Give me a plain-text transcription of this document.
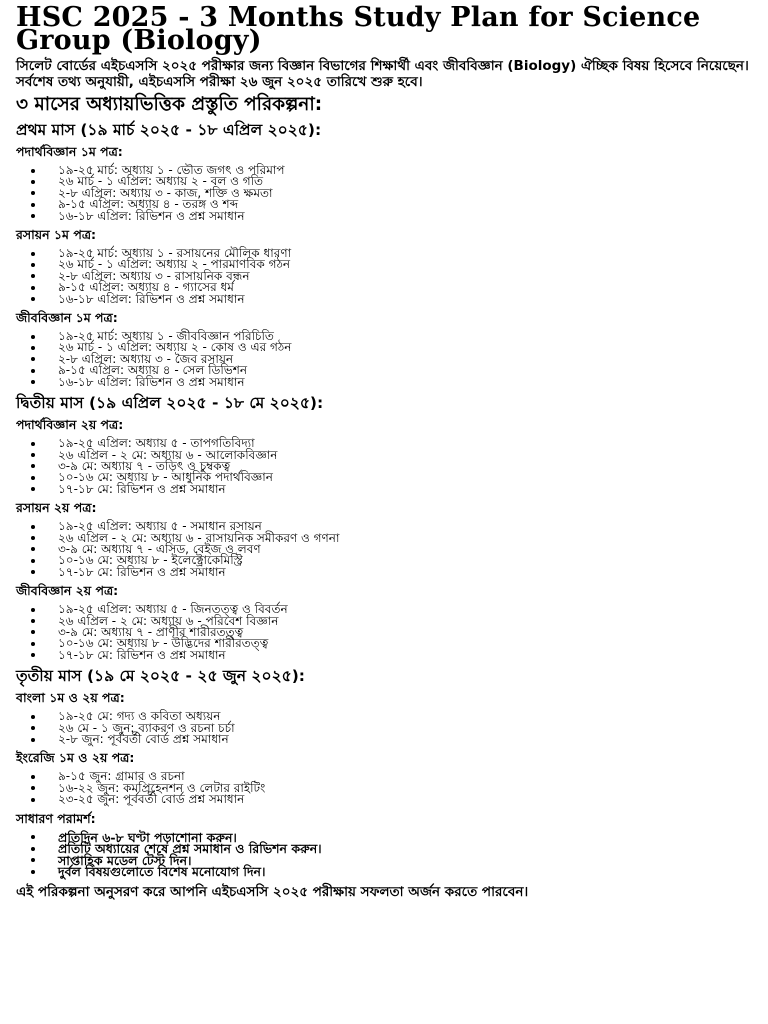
HSC 2025 - 3 Months Study Plan for Science Group (Biology)

সিলেট বোর্ডের এইচএসসি ২০২৫ পরীক্ষার জন্য বিজ্ঞান বিভাগের শিক্ষার্থী এবং জীববিজ্ঞান (Biology) ঐচ্ছিক বিষয় হিসেবে নিয়েছেন। সর্বশেষ তথ্য অনুযায়ী, এইচএসসি পরীক্ষা ২৬ জুন ২০২৫ তারিখে শুরু হবে।

৩ মাসের অধ্যায়ভিত্তিক প্রস্তুতি পরিকল্পনা:
প্রথম মাস (১৯ মার্চ ২০২৫ - ১৮ এপ্রিল ২০২৫):
পদার্থবিজ্ঞান ১ম পত্র:
১৯-২৫ মার্চ: অধ্যায় ১ - ভৌত জগৎ ও পরিমাপ
২৬ মার্চ - ১ এপ্রিল: অধ্যায় ২ - বল ও গতি
২-৮ এপ্রিল: অধ্যায় ৩ - কাজ, শক্তি ও ক্ষমতা
৯-১৫ এপ্রিল: অধ্যায় ৪ - তরঙ্গ ও শব্দ
১৬-১৮ এপ্রিল: রিভিশন ও প্রশ্ন সমাধান
রসায়ন ১ম পত্র:
১৯-২৫ মার্চ: অধ্যায় ১ - রসায়নের মৌলিক ধারণা
২৬ মার্চ - ১ এপ্রিল: অধ্যায় ২ - পারমাণবিক গঠন
২-৮ এপ্রিল: অধ্যায় ৩ - রাসায়নিক বন্ধন
৯-১৫ এপ্রিল: অধ্যায় ৪ - গ্যাসের ধর্ম
১৬-১৮ এপ্রিল: রিভিশন ও প্রশ্ন সমাধান
জীববিজ্ঞান ১ম পত্র:
১৯-২৫ মার্চ: অধ্যায় ১ - জীববিজ্ঞান পরিচিতি
২৬ মার্চ - ১ এপ্রিল: অধ্যায় ২ - কোষ ও এর গঠন
২-৮ এপ্রিল: অধ্যায় ৩ - জৈব রসায়ন
৯-১৫ এপ্রিল: অধ্যায় ৪ - সেল ডিভিশন
১৬-১৮ এপ্রিল: রিভিশন ও প্রশ্ন সমাধান
দ্বিতীয় মাস (১৯ এপ্রিল ২০২৫ - ১৮ মে ২০২৫):
পদার্থবিজ্ঞান ২য় পত্র:
১৯-২৫ এপ্রিল: অধ্যায় ৫ - তাপগতিবিদ্যা
২৬ এপ্রিল - ২ মে: অধ্যায় ৬ - আলোকবিজ্ঞান
৩-৯ মে: অধ্যায় ৭ - তড়িৎ ও চুম্বকত্ব
১০-১৬ মে: অধ্যায় ৮ - আধুনিক পদার্থবিজ্ঞান
১৭-১৮ মে: রিভিশন ও প্রশ্ন সমাধান
রসায়ন ২য় পত্র:
১৯-২৫ এপ্রিল: অধ্যায় ৫ - সমাধান রসায়ন
২৬ এপ্রিল - ২ মে: অধ্যায় ৬ - রাসায়নিক সমীকরণ ও গণনা
৩-৯ মে: অধ্যায় ৭ - এসিড, বেইজ ও লবণ
১০-১৬ মে: অধ্যায় ৮ - ইলেক্ট্রোকেমিস্ট্রি
১৭-১৮ মে: রিভিশন ও প্রশ্ন সমাধান
জীববিজ্ঞান ২য় পত্র:
১৯-২৫ এপ্রিল: অধ্যায় ৫ - জিনতত্ত্ব ও বিবর্তন
২৬ এপ্রিল - ২ মে: অধ্যায় ৬ - পরিবেশ বিজ্ঞান
৩-৯ মে: অধ্যায় ৭ - প্রাণীর শারীরতত্ত্ব
১০-১৬ মে: অধ্যায় ৮ - উদ্ভিদের শারীরতত্ত্ব
১৭-১৮ মে: রিভিশন ও প্রশ্ন সমাধান
তৃতীয় মাস (১৯ মে ২০২৫ - ২৫ জুন ২০২৫):
বাংলা ১ম ও ২য় পত্র:
১৯-২৫ মে: গদ্য ও কবিতা অধ্যয়ন
২৬ মে - ১ জুন: ব্যাকরণ ও রচনা চর্চা
২-৮ জুন: পূর্ববর্তী বোর্ড প্রশ্ন সমাধান
ইংরেজি ১ম ও ২য় পত্র:
৯-১৫ জুন: গ্রামার ও রচনা
১৬-২২ জুন: কমপ্রিহেনশন ও লেটার রাইটিং
২৩-২৫ জুন: পূর্ববর্তী বোর্ড প্রশ্ন সমাধান
সাধারণ পরামর্শ:
প্রতিদিন ৬-৮ ঘণ্টা পড়াশোনা করুন।
প্রতিটি অধ্যায়ের শেষে প্রশ্ন সমাধান ও রিভিশন করুন।
সাপ্তাহিক মডেল টেস্ট দিন।
দুর্বল বিষয়গুলোতে বিশেষ মনোযোগ দিন।

এই পরিকল্পনা অনুসরণ করে আপনি এইচএসসি ২০২৫ পরীক্ষায় সফলতা অর্জন করতে পারবেন।
